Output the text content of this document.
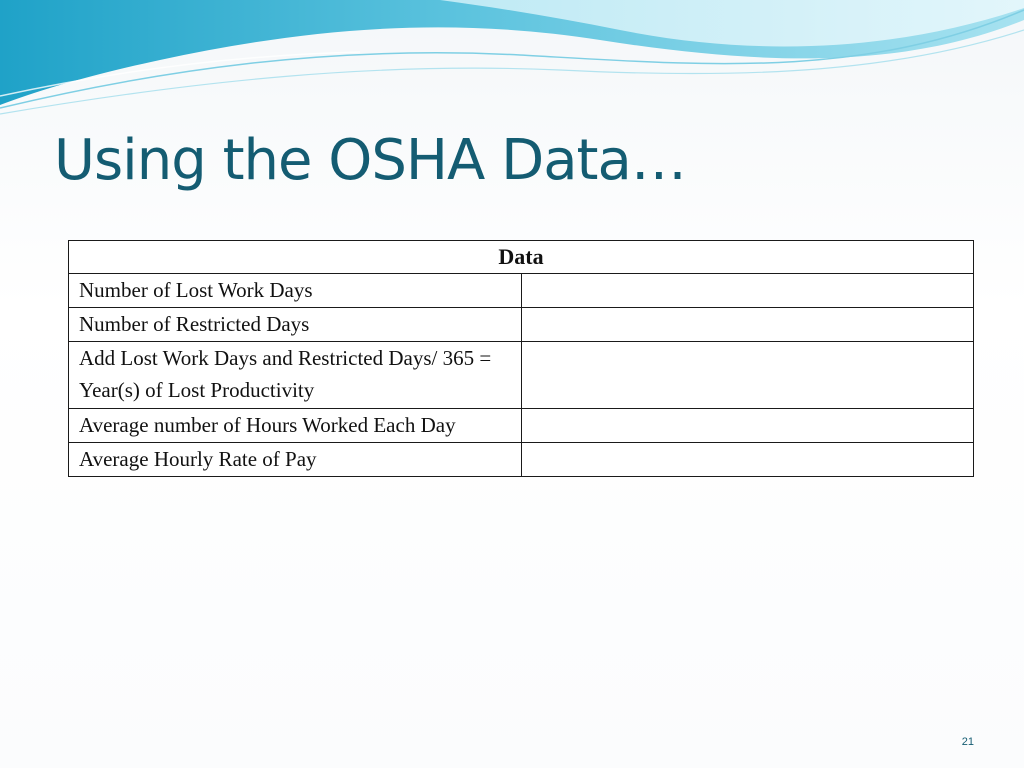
Using the OSHA Data…
Data	
Number of Lost Work Days	
Number of Restricted Days	
Add Lost Work Days and Restricted Days/ 365 = Year(s) of Lost Productivity	
Average number of Hours Worked Each Day	
Average Hourly Rate of Pay	
21
